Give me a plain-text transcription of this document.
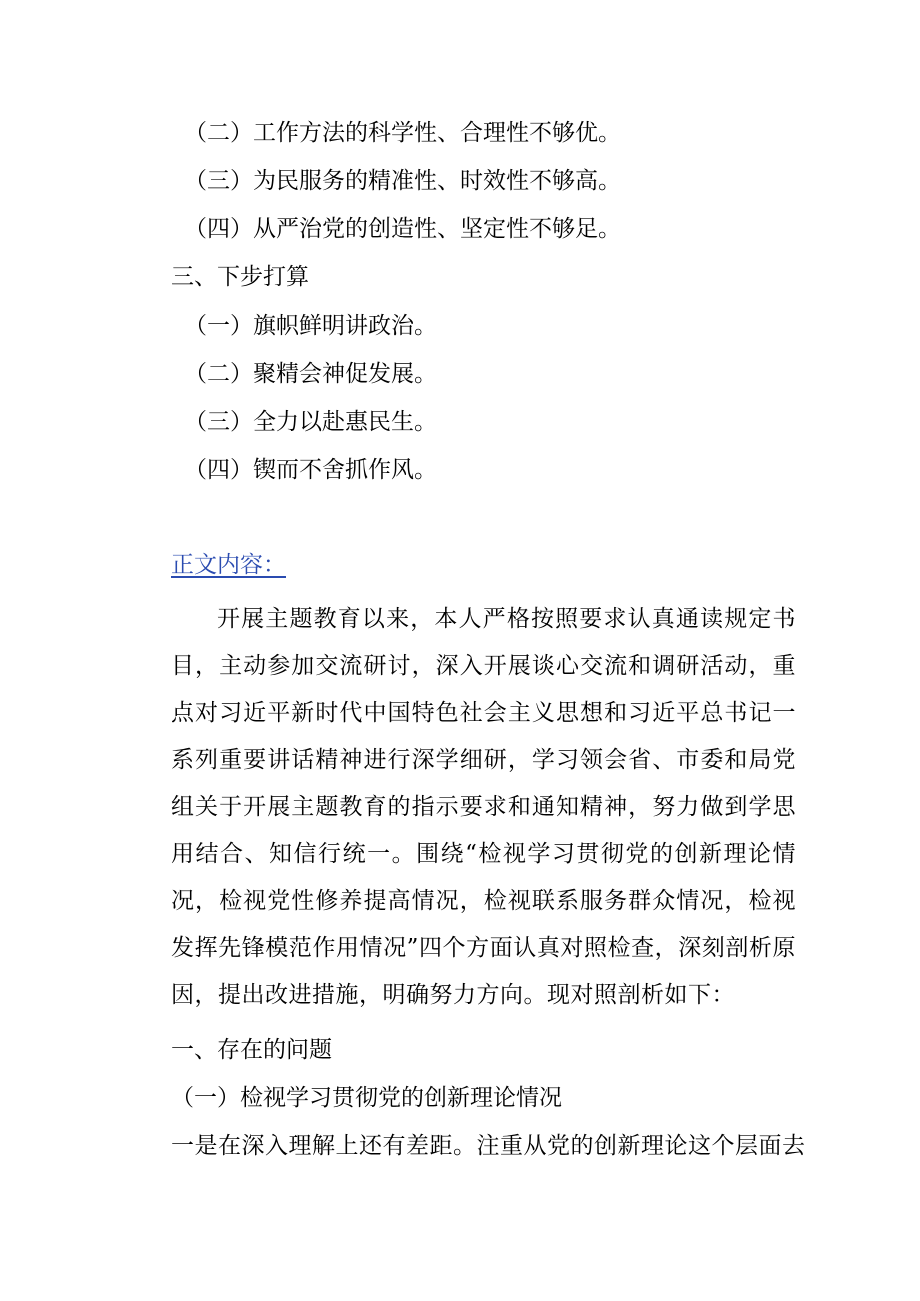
（二）工作方法的科学性、合理性不够优。
（三）为民服务的精准性、时效性不够高。
（四）从严治党的创造性、坚定性不够足。
三、下步打算
（一）旗帜鲜明讲政治。
（二）聚精会神促发展。
（三）全力以赴惠民生。
（四）锲而不舍抓作风。
正文内容：

开展主题教育以来，本人严格按照要求认真通读规定书目，主动参加交流研讨，深入开展谈心交流和调研活动，重点对习近平新时代中国特色社会主义思想和习近平总书记一系列重要讲话精神进行深学细研，学习领会省、市委和局党组关于开展主题教育的指示要求和通知精神，努力做到学思用结合、知信行统一。围绕“检视学习贯彻党的创新理论情况，检视党性修养提高情况，检视联系服务群众情况，检视发挥先锋模范作用情况”四个方面认真对照检查，深刻剖析原因，提出改进措施，明确努力方向。现对照剖析如下：

一、存在的问题
（一）检视学习贯彻党的创新理论情况
一是在深入理解上还有差距。注重从党的创新理论这个层面去
